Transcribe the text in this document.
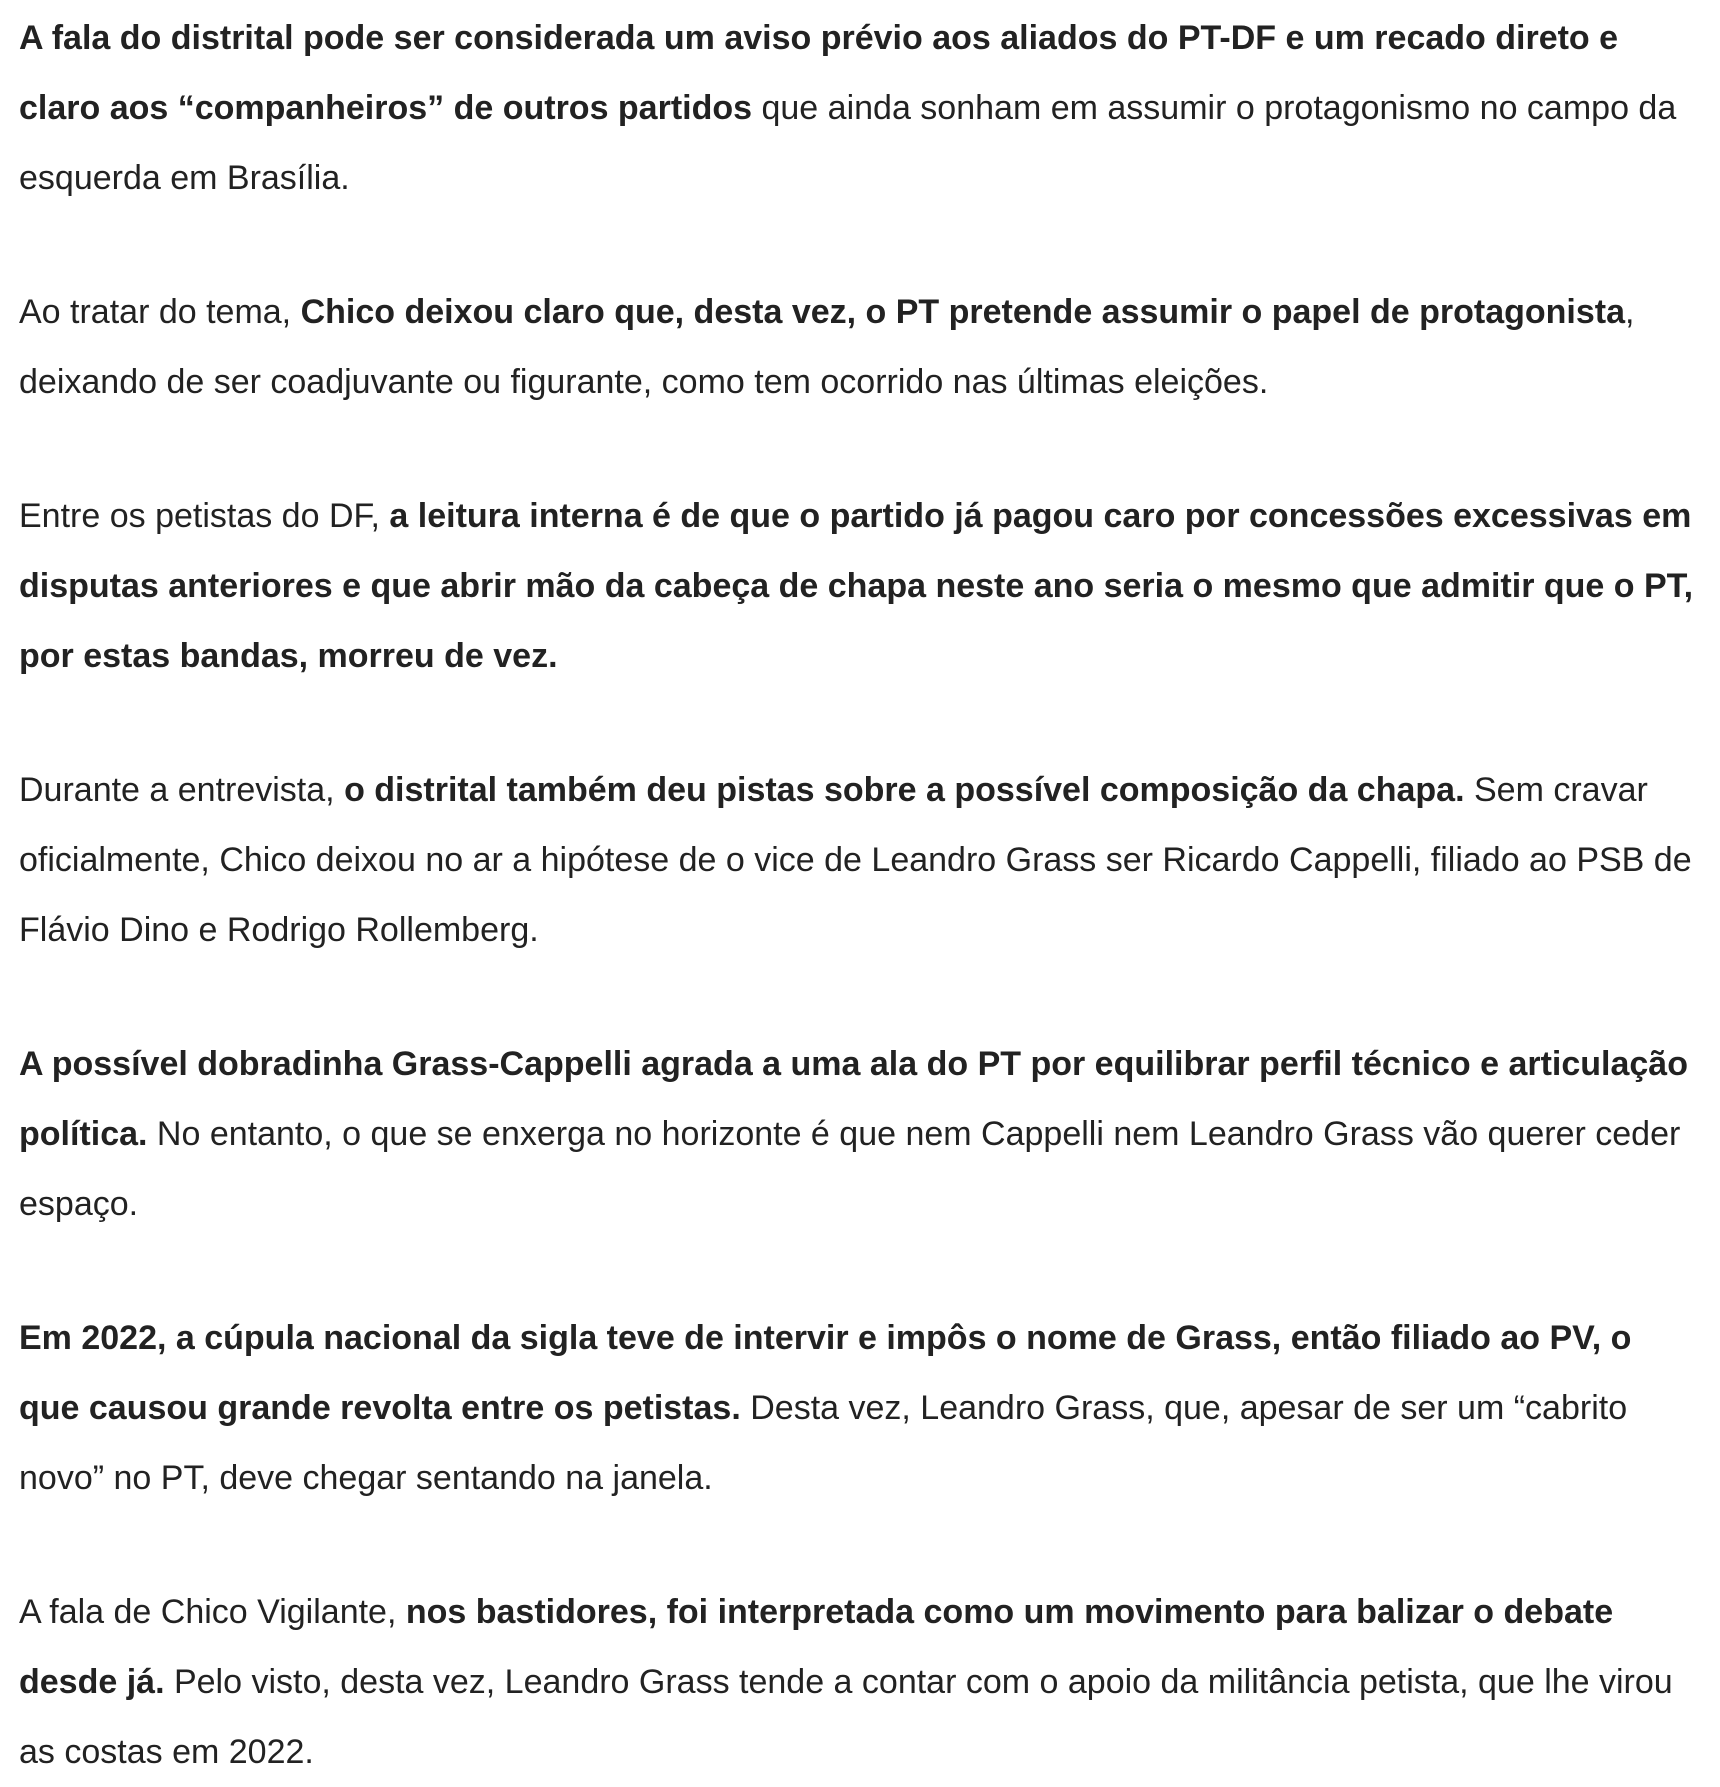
A fala do distrital pode ser considerada um aviso prévio aos aliados do PT-DF e um recado direto e claro aos “companheiros” de outros partidos que ainda sonham em assumir o protagonismo no campo da esquerda em Brasília.

Ao tratar do tema, Chico deixou claro que, desta vez, o PT pretende assumir o papel de protagonista, deixando de ser coadjuvante ou figurante, como tem ocorrido nas últimas eleições.

Entre os petistas do DF, a leitura interna é de que o partido já pagou caro por concessões excessivas em disputas anteriores e que abrir mão da cabeça de chapa neste ano seria o mesmo que admitir que o PT, por estas bandas, morreu de vez.

Durante a entrevista, o distrital também deu pistas sobre a possível composição da chapa. Sem cravar oficialmente, Chico deixou no ar a hipótese de o vice de Leandro Grass ser Ricardo Cappelli, filiado ao PSB de Flávio Dino e Rodrigo Rollemberg.

A possível dobradinha Grass-Cappelli agrada a uma ala do PT por equilibrar perfil técnico e articulação política. No entanto, o que se enxerga no horizonte é que nem Cappelli nem Leandro Grass vão querer ceder espaço.

Em 2022, a cúpula nacional da sigla teve de intervir e impôs o nome de Grass, então filiado ao PV, o que causou grande revolta entre os petistas. Desta vez, Leandro Grass, que, apesar de ser um “cabrito novo” no PT, deve chegar sentando na janela.

A fala de Chico Vigilante, nos bastidores, foi interpretada como um movimento para balizar o debate desde já. Pelo visto, desta vez, Leandro Grass tende a contar com o apoio da militância petista, que lhe virou as costas em 2022.
